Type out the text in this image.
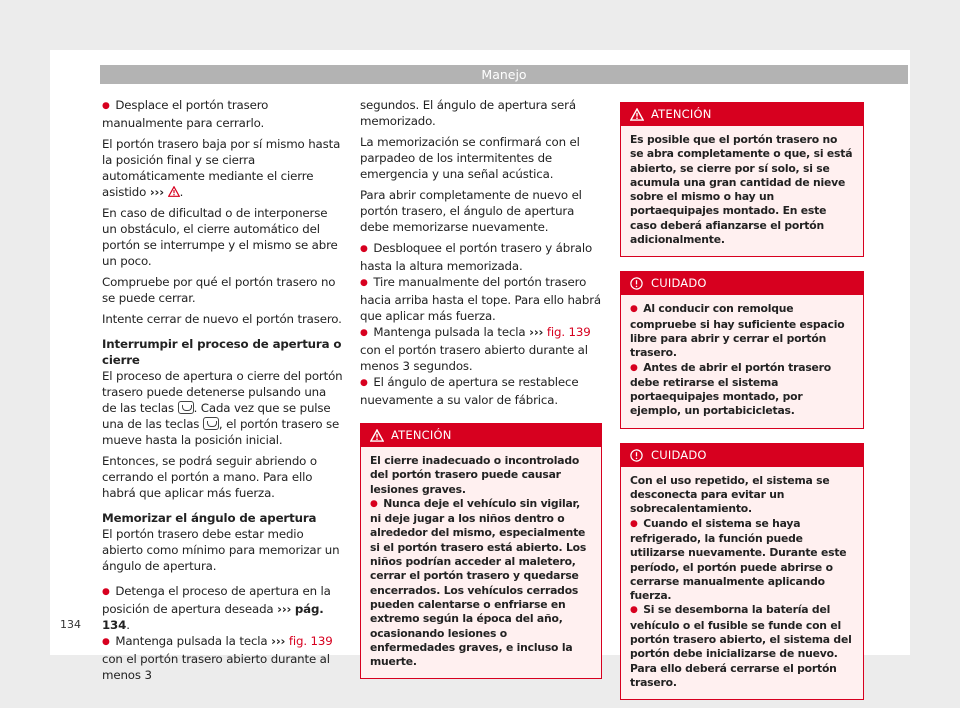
Manejo
● Desplace el portón trasero manualmente para cerrarlo.
El portón trasero baja por sí mismo hasta la posición final y se cierra automáticamente mediante el cierre asistido ››› .
En caso de dificultad o de interponerse un obstáculo, el cierre automático del portón se interrumpe y el mismo se abre un poco.
Compruebe por qué el portón trasero no se puede cerrar.
Intente cerrar de nuevo el portón trasero.
Interrumpir el proceso de apertura o cierre
El proceso de apertura o cierre del portón trasero puede detenerse pulsando una de las teclas . Cada vez que se pulse una de las teclas , el portón trasero se mueve hasta la posición inicial.
Entonces, se podrá seguir abriendo o cerrando el portón a mano. Para ello habrá que aplicar más fuerza.
Memorizar el ángulo de apertura
El portón trasero debe estar medio abierto como mínimo para memorizar un ángulo de apertura.
● Detenga el proceso de apertura en la posición de apertura deseada ››› pág. 134.
● Mantenga pulsada la tecla ››› fig. 139 con el portón trasero abierto durante al menos 3
segundos. El ángulo de apertura será memorizado.
La memorización se confirmará con el parpadeo de los intermitentes de emergencia y una señal acústica.
Para abrir completamente de nuevo el portón trasero, el ángulo de apertura debe memorizarse nuevamente.
● Desbloquee el portón trasero y ábralo hasta la altura memorizada.
● Tire manualmente del portón trasero hacia arriba hasta el tope. Para ello habrá que aplicar más fuerza.
● Mantenga pulsada la tecla ››› fig. 139 con el portón trasero abierto durante al menos 3 segundos.
● El ángulo de apertura se restablece nuevamente a su valor de fábrica.
ATENCIÓN
El cierre inadecuado o incontrolado del portón trasero puede causar lesiones graves.
● Nunca deje el vehículo sin vigilar, ni deje jugar a los niños dentro o alrededor del mismo, especialmente si el portón trasero está abierto. Los niños podrían acceder al maletero, cerrar el portón trasero y quedarse encerrados. Los vehículos cerrados pueden calentarse o enfriarse en extremo según la época del año, ocasionando lesiones o enfermedades graves, e incluso la muerte.
ATENCIÓN
Es posible que el portón trasero no se abra completamente o que, si está abierto, se cierre por sí solo, si se acumula una gran cantidad de nieve sobre el mismo o hay un portaequipajes montado. En este caso deberá afianzarse el portón adicionalmente.
CUIDADO
● Al conducir con remolque compruebe si hay suficiente espacio libre para abrir y cerrar el portón trasero.
● Antes de abrir el portón trasero debe retirarse el sistema portaequipajes montado, por ejemplo, un portabicicletas.
CUIDADO
Con el uso repetido, el sistema se desconecta para evitar un sobrecalentamiento.
● Cuando el sistema se haya refrigerado, la función puede utilizarse nuevamente. Durante este período, el portón puede abrirse o cerrarse manualmente aplicando fuerza.
● Si se desemborna la batería del vehículo o el fusible se funde con el portón trasero abierto, el sistema del portón debe inicializarse de nuevo. Para ello deberá cerrarse el portón trasero.
134
